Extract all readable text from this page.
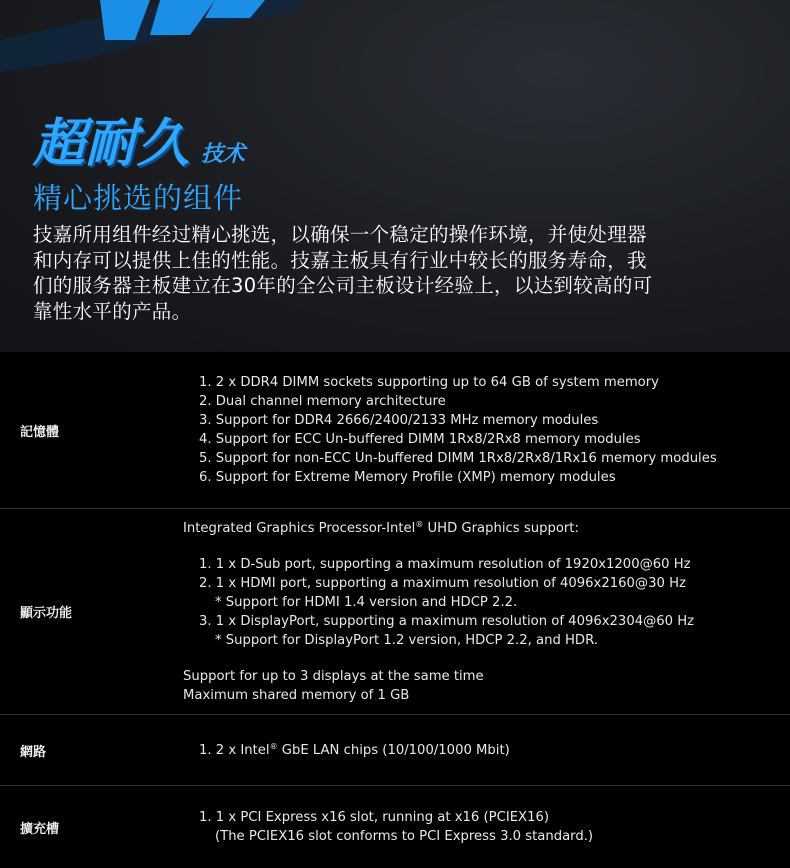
超耐久 技术
精心挑选的组件
技嘉所用组件经过精心挑选，以确保一个稳定的操作环境，并使处理器和内存可以提供上佳的性能。技嘉主板具有行业中较长的服务寿命，我们的服务器主板建立在30年的全公司主板设计经验上，以达到较高的可靠性水平的产品。
記憶體
1. 2 x DDR4 DIMM sockets supporting up to 64 GB of system memory
2. Dual channel memory architecture
3. Support for DDR4 2666/2400/2133 MHz memory modules
4. Support for ECC Un-buffered DIMM 1Rx8/2Rx8 memory modules
5. Support for non-ECC Un-buffered DIMM 1Rx8/2Rx8/1Rx16 memory modules
6. Support for Extreme Memory Profile (XMP) memory modules
顯示功能

Integrated Graphics Processor-Intel® UHD Graphics support:

1. 1 x D-Sub port, supporting a maximum resolution of 1920x1200@60 Hz
2. 1 x HDMI port, supporting a maximum resolution of 4096x2160@30 Hz
* Support for HDMI 1.4 version and HDCP 2.2.
3. 1 x DisplayPort, supporting a maximum resolution of 4096x2304@60 Hz
* Support for DisplayPort 1.2 version, HDCP 2.2, and HDR.

Support for up to 3 displays at the same time

Maximum shared memory of 1 GB

網路	1. 2 x Intel® GbE LAN chips (10/100/1000 Mbit)
擴充槽
1. 1 x PCI Express x16 slot, running at x16 (PCIEX16)
(The PCIEX16 slot conforms to PCI Express 3.0 standard.)
